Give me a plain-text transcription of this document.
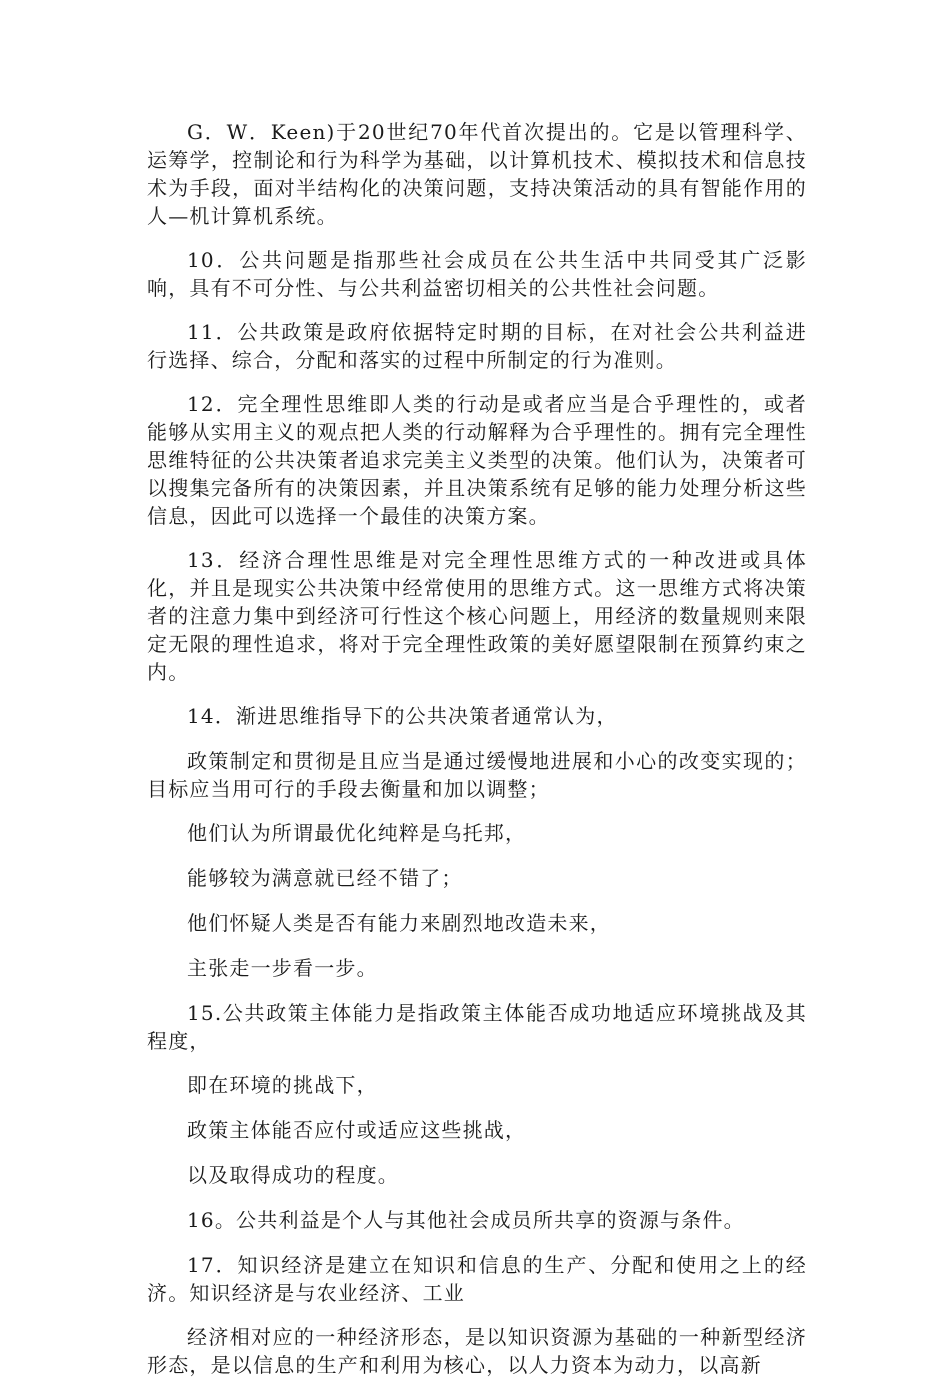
G．W．Keen)于20世纪70年代首次提出的。它是以管理科学、运筹学，控制论和行为科学为基础，以计算机技术、模拟技术和信息技术为手段，面对半结构化的决策问题，支持决策活动的具有智能作用的人—机计算机系统。

10．公共问题是指那些社会成员在公共生活中共同受其广泛影响，具有不可分性、与公共利益密切相关的公共性社会问题。

11．公共政策是政府依据特定时期的目标，在对社会公共利益进行选择、综合，分配和落实的过程中所制定的行为准则。

12．完全理性思维即人类的行动是或者应当是合乎理性的，或者能够从实用主义的观点把人类的行动解释为合乎理性的。拥有完全理性思维特征的公共决策者追求完美主义类型的决策。他们认为，决策者可以搜集完备所有的决策因素，并且决策系统有足够的能力处理分析这些信息，因此可以选择一个最佳的决策方案。

13．经济合理性思维是对完全理性思维方式的一种改进或具体化，并且是现实公共决策中经常使用的思维方式。这一思维方式将决策者的注意力集中到经济可行性这个核心问题上，用经济的数量规则来限定无限的理性追求，将对于完全理性政策的美好愿望限制在预算约束之内。

14．渐进思维指导下的公共决策者通常认为，

政策制定和贯彻是且应当是通过缓慢地进展和小心的改变实现的；目标应当用可行的手段去衡量和加以调整；

他们认为所谓最优化纯粹是乌托邦，

能够较为满意就已经不错了；

他们怀疑人类是否有能力来剧烈地改造未来，

主张走一步看一步。

15.公共政策主体能力是指政策主体能否成功地适应环境挑战及其程度，

即在环境的挑战下，

政策主体能否应付或适应这些挑战，

以及取得成功的程度。

16。公共利益是个人与其他社会成员所共享的资源与条件。

17．知识经济是建立在知识和信息的生产、分配和使用之上的经济。知识经济是与农业经济、工业

经济相对应的一种经济形态，是以知识资源为基础的一种新型经济形态，是以信息的生产和利用为核心，以人力资本为动力，以高新
